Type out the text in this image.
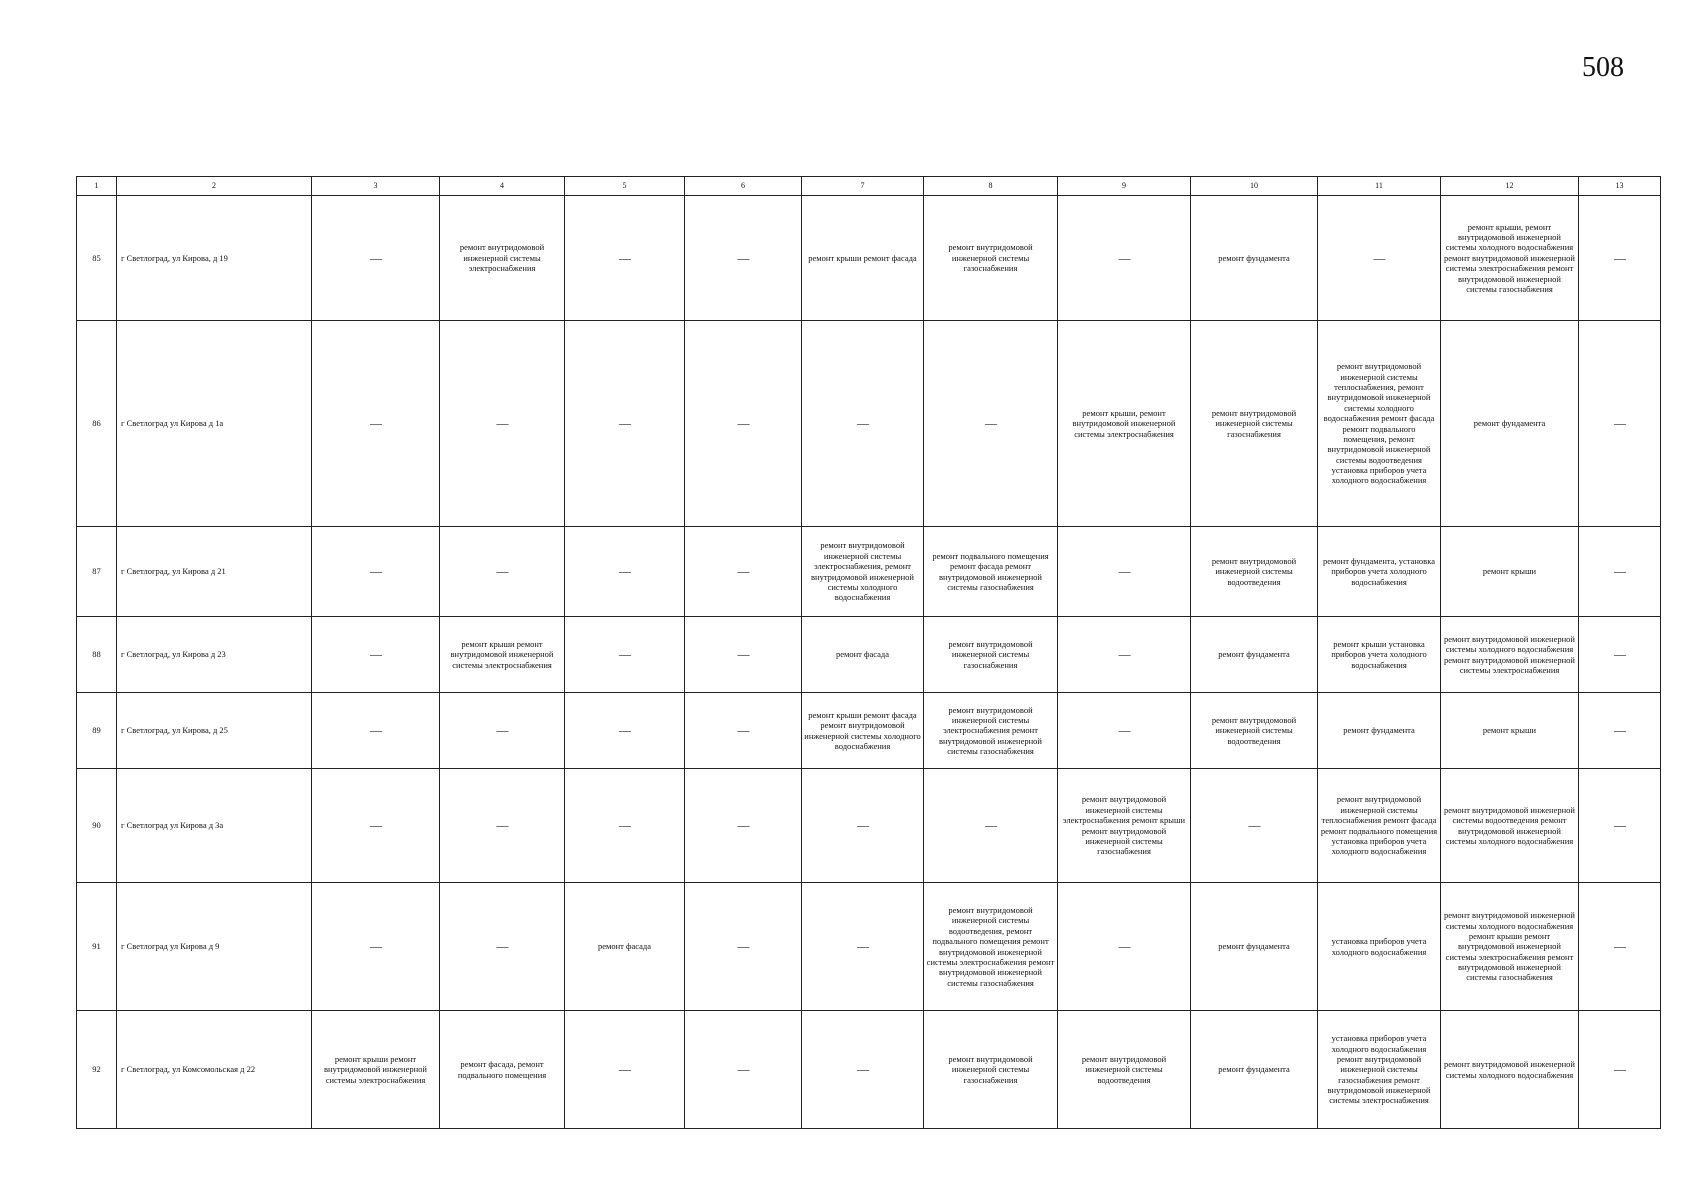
508
1	2	3	4	5	6	7	8	9	10	11	12	13
85	г Светлоград, ул Кирова, д 19	—	ремонт внутридомовой инженерной системы электроснабжения	—	—	ремонт крыши ремонт фасада	ремонт внутридомовой инженерной системы газоснабжения	—	ремонт фундамента	—	ремонт крыши, ремонт внутридомовой инженерной системы холодного водоснабжения ремонт внутридомовой инженерной системы электроснабжения ремонт внутридомовой инженерной системы газоснабжения	—
86	г Светлоград ул Кирова д 1а	—	—	—	—	—	—	ремонт крыши, ремонт внутридомовой инженерной системы электроснабжения	ремонт внутридомовой инженерной системы газоснабжения	ремонт внутридомовой инженерной системы теплоснабжения, ремонт внутридомовой инженерной системы холодного водоснабжения ремонт фасада ремонт подвального помещения, ремонт внутридомовой инженерной системы водоотведения установка приборов учета холодного водоснабжения	ремонт фундамента	—
87	г Светлоград, ул Кирова д 21	—	—	—	—	ремонт внутридомовой инженерной системы электроснабжения, ремонт внутридомовой инженерной системы холодного водоснабжения	ремонт подвального помещения ремонт фасада ремонт внутридомовой инженерной системы газоснабжения	—	ремонт внутридомовой инженерной системы водоотведения	ремонт фундамента, установка приборов учета холодного водоснабжения	ремонт крыши	—
88	г Светлоград, ул Кирова д 23	—	ремонт крыши ремонт внутридомовой инженерной системы электроснабжения	—	—	ремонт фасада	ремонт внутридомовой инженерной системы газоснабжения	—	ремонт фундамента	ремонт крыши установка приборов учета холодного водоснабжения	ремонт внутридомовой инженерной системы холодного водоснабжения ремонт внутридомовой инженерной системы электроснабжения	—
89	г Светлоград, ул Кирова, д 25	—	—	—	—	ремонт крыши ремонт фасада ремонт внутридомовой инженерной системы холодного водоснабжения	ремонт внутридомовой инженерной системы электроснабжения ремонт внутридомовой инженерной системы газоснабжения	—	ремонт внутридомовой инженерной системы водоотведения	ремонт фундамента	ремонт крыши	—
90	г Светлоград ул Кирова д 3а	—	—	—	—	—	—	ремонт внутридомовой инженерной системы электроснабжения ремонт крыши ремонт внутридомовой инженерной системы газоснабжения	—	ремонт внутридомовой инженерной системы теплоснабжения ремонт фасада ремонт подвального помещения установка приборов учета холодного водоснабжения	ремонт внутридомовой инженерной системы водоотведения ремонт внутридомовой инженерной системы холодного водоснабжения	—
91	г Светлоград ул Кирова д 9	—	—	ремонт фасада	—	—	ремонт внутридомовой инженерной системы водоотведения, ремонт подвального помещения ремонт внутридомовой инженерной системы электроснабжения ремонт внутридомовой инженерной системы газоснабжения	—	ремонт фундамента	установка приборов учета холодного водоснабжения	ремонт внутридомовой инженерной системы холодного водоснабжения ремонт крыши ремонт внутридомовой инженерной системы электроснабжения ремонт внутридомовой инженерной системы газоснабжения	—
92	г Светлоград, ул Комсомольская д 22	ремонт крыши ремонт внутридомовой инженерной системы электроснабжения	ремонт фасада, ремонт подвального помещения	—	—	—	ремонт внутридомовой инженерной системы газоснабжения	ремонт внутридомовой инженерной системы водоотведения	ремонт фундамента	установка приборов учета холодного водоснабжения ремонт внутридомовой инженерной системы газоснабжения ремонт внутридомовой инженерной системы электроснабжения	ремонт внутридомовой инженерной системы холодного водоснабжения	—
